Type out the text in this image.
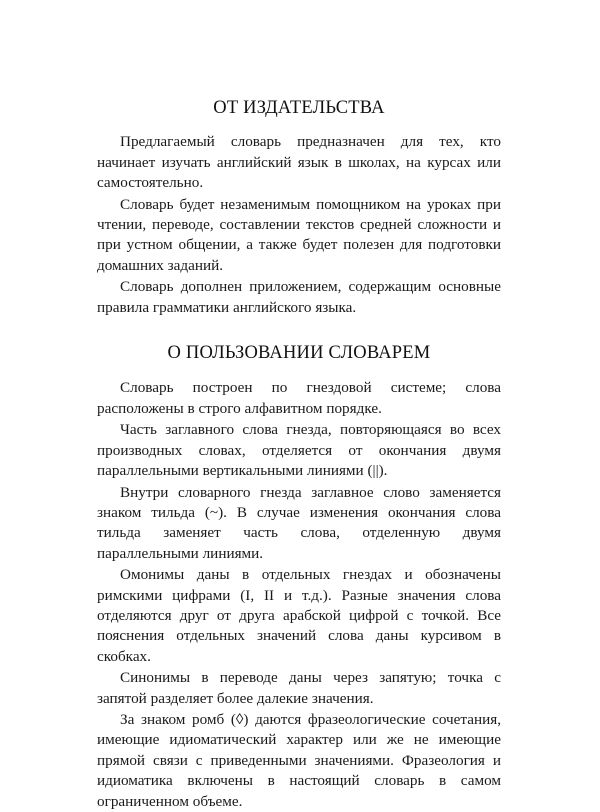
ОТ ИЗДАТЕЛЬСТВА

Предлагаемый словарь предназначен для тех, кто начинает изучать английский язык в школах, на курсах или самостоятельно.

Словарь будет незаменимым помощником на уроках при чтении, переводе, составлении текстов средней сложности и при устном общении, а также будет полезен для подготовки домашних заданий.

Словарь дополнен приложением, содержащим основные правила грамматики английского языка.

О ПОЛЬЗОВАНИИ СЛОВАРЕМ

Словарь построен по гнездовой системе; слова расположены в строго алфавитном порядке.

Часть заглавного слова гнезда, повторяющаяся во всех производных словах, отделяется от окончания двумя параллельными вертикальными линиями (||).

Внутри словарного гнезда заглавное слово заменяется знаком тильда (~). В случае изменения окончания слова тильда заменяет часть слова, отделенную двумя параллельными линиями.

Омонимы даны в отдельных гнездах и обозначены римскими цифрами (I, II и т.д.). Разные значения слова отделяются друг от друга арабской цифрой с точкой. Все пояснения отдельных значений слова даны курсивом в скобках.

Синонимы в переводе даны через запятую; точка с запятой разделяет более далекие значения.

За знаком ромб (◊) даются фразеологические сочетания, имеющие идиоматический характер или же не имеющие прямой связи с приведенными значениями. Фразеология и идиоматика включены в настоящий словарь в самом ограниченном объеме.
